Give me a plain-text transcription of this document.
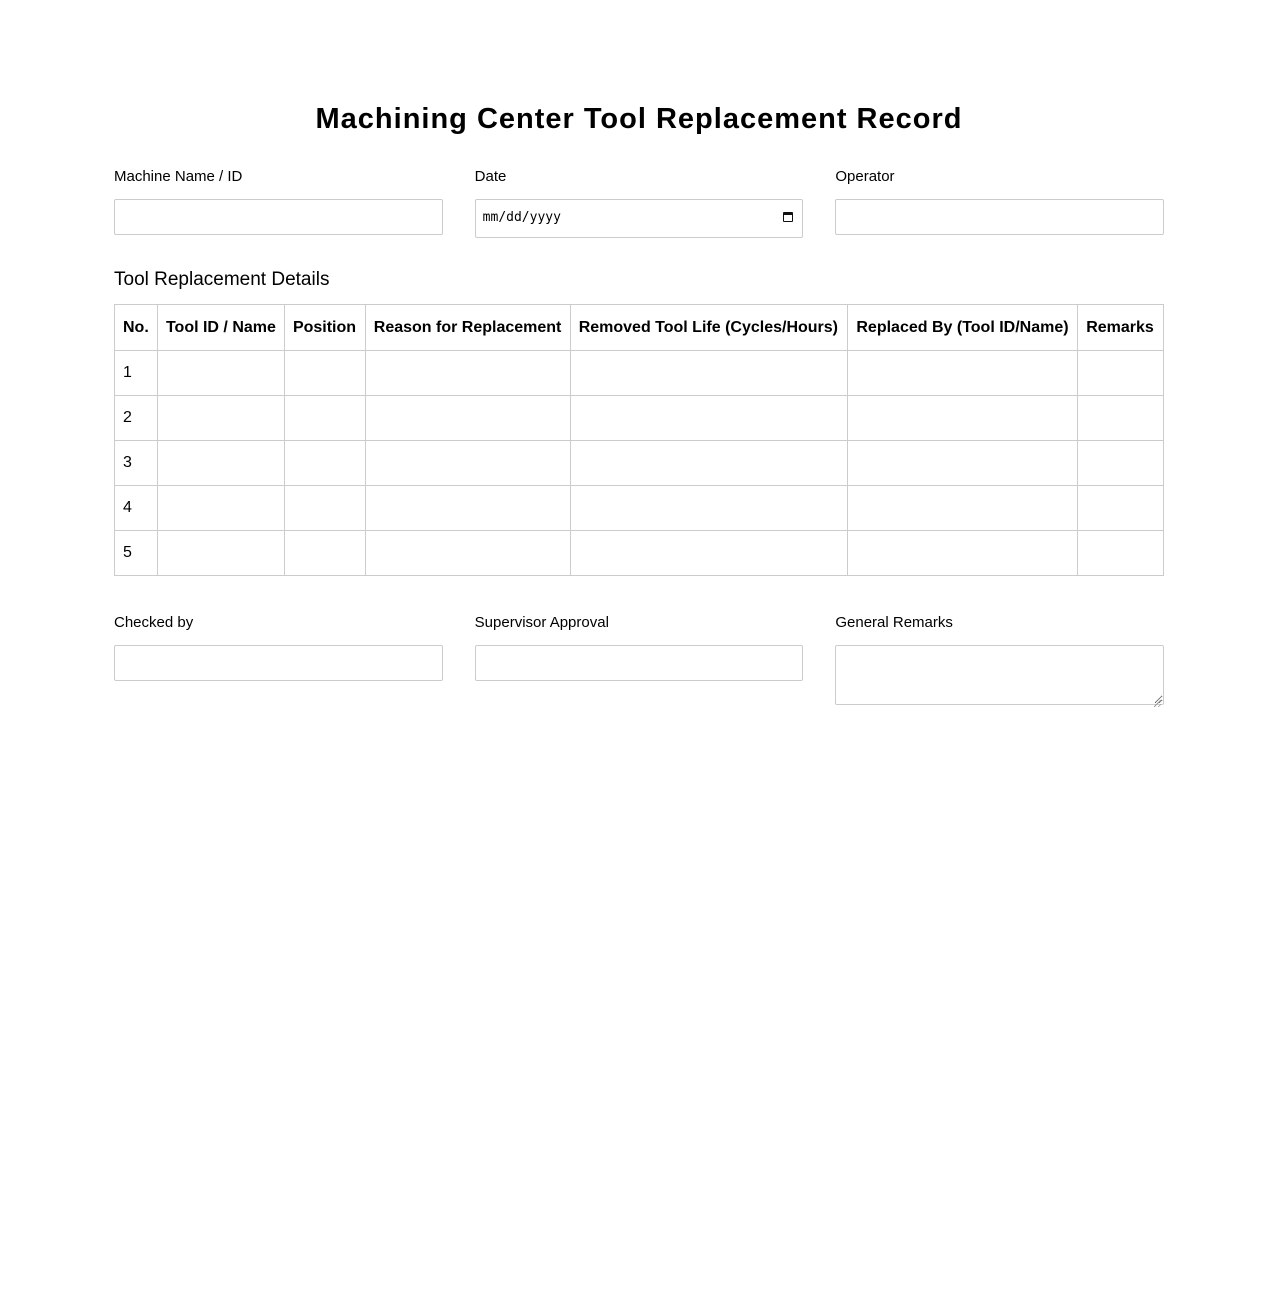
Machining Center Tool Replacement Record
Machine Name / ID	Date
mm/dd/yyyy
Operator
Tool Replacement Details
No.	Tool ID / Name	Position	Reason for Replacement	Removed Tool Life (Cycles/Hours)	Replaced By (Tool ID/Name)	Remarks
1						
2						
3						
4						
5						
Checked by	Supervisor Approval	General Remarks
